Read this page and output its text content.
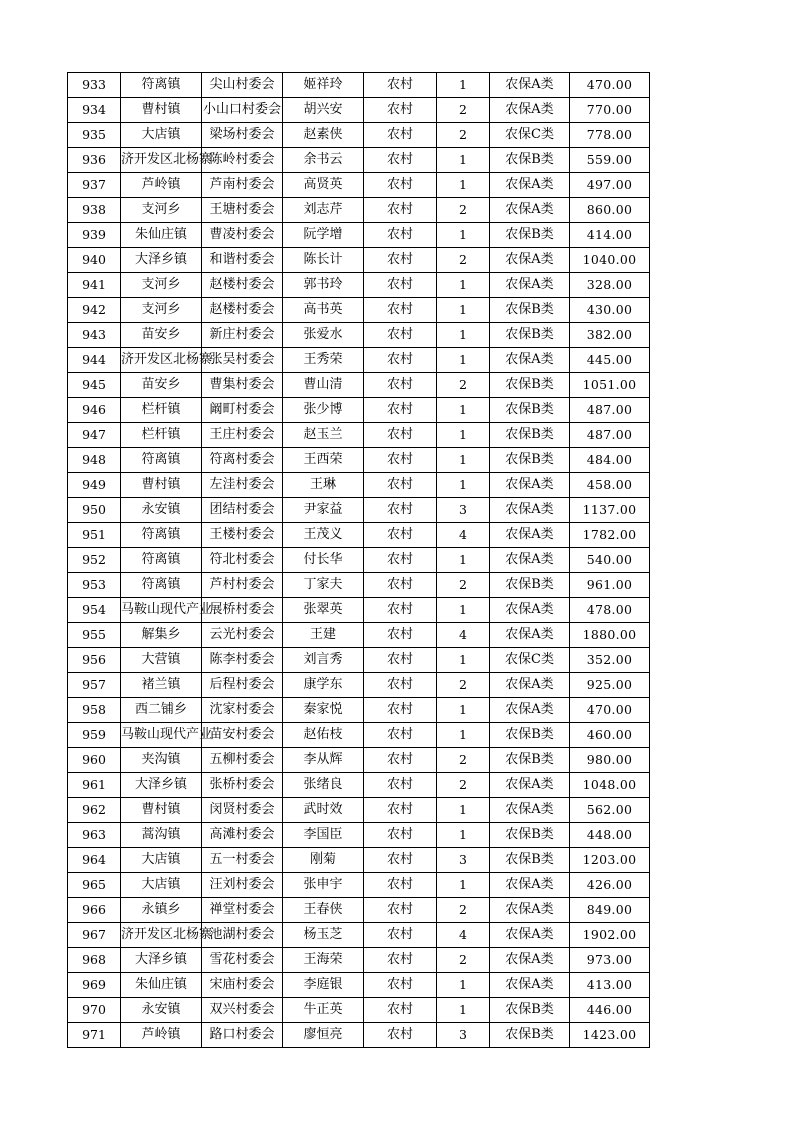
933	符离镇	尖山村委会	姬祥玲	农村	1	农保A类	470.00
934	曹村镇	小山口村委会	胡兴安	农村	2	农保A类	770.00
935	大店镇	梁场村委会	赵素侠	农村	2	农保C类	778.00
936	济开发区北杨寨	陈岭村委会	余书云	农村	1	农保B类	559.00
937	芦岭镇	芦南村委会	高贤英	农村	1	农保A类	497.00
938	支河乡	王塘村委会	刘志芹	农村	2	农保A类	860.00
939	朱仙庄镇	曹凌村委会	阮学增	农村	1	农保B类	414.00
940	大泽乡镇	和谐村委会	陈长计	农村	2	农保A类	1040.00
941	支河乡	赵楼村委会	郭书玲	农村	1	农保A类	328.00
942	支河乡	赵楼村委会	高书英	农村	1	农保B类	430.00
943	苗安乡	新庄村委会	张爱水	农村	1	农保B类	382.00
944	济开发区北杨寨	张吴村委会	王秀荣	农村	1	农保A类	445.00
945	苗安乡	曹集村委会	曹山清	农村	2	农保B类	1051.00
946	栏杆镇	阚町村委会	张少博	农村	1	农保B类	487.00
947	栏杆镇	王庄村委会	赵玉兰	农村	1	农保B类	487.00
948	符离镇	符离村委会	王西荣	农村	1	农保B类	484.00
949	曹村镇	左洼村委会	王琳	农村	1	农保A类	458.00
950	永安镇	团结村委会	尹家益	农村	3	农保A类	1137.00
951	符离镇	王楼村委会	王茂义	农村	4	农保A类	1782.00
952	符离镇	符北村委会	付长华	农村	1	农保A类	540.00
953	符离镇	芦村村委会	丁家夫	农村	2	农保B类	961.00
954	马鞍山现代产业	展桥村委会	张翠英	农村	1	农保A类	478.00
955	解集乡	云光村委会	王建	农村	4	农保A类	1880.00
956	大营镇	陈李村委会	刘言秀	农村	1	农保C类	352.00
957	褚兰镇	后程村委会	康学东	农村	2	农保A类	925.00
958	西二铺乡	沈家村委会	秦家悦	农村	1	农保A类	470.00
959	马鞍山现代产业	苗安村委会	赵佑枝	农村	1	农保B类	460.00
960	夹沟镇	五柳村委会	李从辉	农村	2	农保B类	980.00
961	大泽乡镇	张桥村委会	张绪良	农村	2	农保A类	1048.00
962	曹村镇	闵贤村委会	武时效	农村	1	农保A类	562.00
963	蒿沟镇	高滩村委会	李国臣	农村	1	农保B类	448.00
964	大店镇	五一村委会	刚菊	农村	3	农保B类	1203.00
965	大店镇	汪刘村委会	张申宇	农村	1	农保A类	426.00
966	永镇乡	禅堂村委会	王春侠	农村	2	农保A类	849.00
967	济开发区北杨寨	池湖村委会	杨玉芝	农村	4	农保A类	1902.00
968	大泽乡镇	雪花村委会	王海荣	农村	2	农保A类	973.00
969	朱仙庄镇	宋庙村委会	李庭银	农村	1	农保A类	413.00
970	永安镇	双兴村委会	牛正英	农村	1	农保B类	446.00
971	芦岭镇	路口村委会	廖恒亮	农村	3	农保B类	1423.00
